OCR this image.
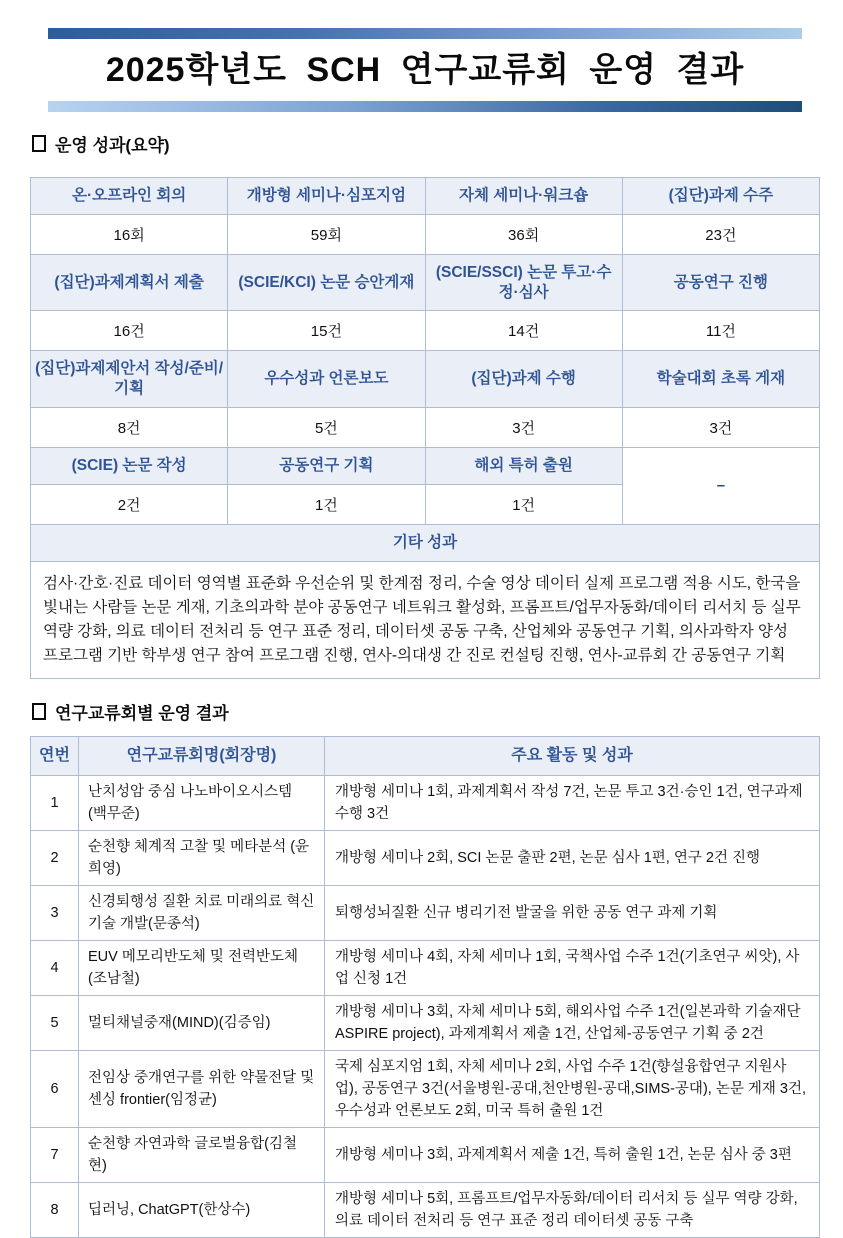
2025학년도 SCH 연구교류회 운영 결과
운영 성과(요약)
온·오프라인 회의	개방형 세미나·심포지엄	자체 세미나·워크숍	(집단)과제 수주
16회	59회	36회	23건
(집단)과제계획서 제출	(SCIE/KCI) 논문 승안게재	(SCIE/SSCI) 논문 투고·수정·심사	공동연구 진행
16건	15건	14건	11건
(집단)과제제안서 작성/준비/기획	우수성과 언론보도	(집단)과제 수행	학술대회 초록 게재
8건	5건	3건	3건
(SCIE) 논문 작성	공동연구 기획	해외 특허 출원	–
2건	1건	1건	
기타 성과			
검사·간호·진료 데이터 영역별 표준화 우선순위 및 한계점 정리, 수술 영상 데이터 실제 프로그램 적용 시도, 한국을 빛내는 사람들 논문 게재, 기초의과학 분야 공동연구 네트워크 활성화, 프롬프트/업무자동화/데이터 리서치 등 실무 역량 강화, 의료 데이터 전처리 등 연구 표준 정리, 데이터셋 공동 구축, 산업체와 공동연구 기획, 의사과학자 양성 프로그램 기반 학부생 연구 참여 프로그램 진행, 연사-의대생 간 진로 컨설팅 진행, 연사-교류회 간 공동연구 기획			
연구교류회별 운영 결과
연번	연구교류회명(회장명)	주요 활동 및 성과
1	난치성암 중심 나노바이오시스템 (백무준)	개방형 세미나 1회, 과제계획서 작성 7건, 논문 투고 3건·승인 1건, 연구과제 수행 3건
2	순천향 체계적 고찰 및 메타분석 (윤희영)	개방형 세미나 2회, SCI 논문 출판 2편, 논문 심사 1편, 연구 2건 진행
3	신경퇴행성 질환 치료 미래의료 혁신 기술 개발(문종석)	퇴행성뇌질환 신규 병리기전 발굴을 위한 공동 연구 과제 기획
4	EUV 메모리반도체 및 전력반도체 (조남철)	개방형 세미나 4회, 자체 세미나 1회, 국책사업 수주 1건(기초연구 씨앗), 사업 신청 1건
5	멀티채널중재(MIND)(김증임)	개방형 세미나 3회, 자체 세미나 5회, 해외사업 수주 1건(일본과학 기술재단 ASPIRE project), 과제계획서 제출 1건, 산업체-공동연구 기획 중 2건
6	전임상 중개연구를 위한 약물전달 및 센싱 frontier(임정균)	국제 심포지엄 1회, 자체 세미나 2회, 사업 수주 1건(향설융합연구 지원사업), 공동연구 3건(서울병원-공대,천안병원-공대,SIMS-공대), 논문 게재 3건, 우수성과 언론보도 2회, 미국 특허 출원 1건
7	순천향 자연과학 글로벌융합(김철현)	개방형 세미나 3회, 과제계획서 제출 1건, 특허 출원 1건, 논문 심사 중 3편
8	딥러닝, ChatGPT(한상수)	개방형 세미나 5회, 프롬프트/업무자동화/데이터 리서치 등 실무 역량 강화, 의료 데이터 전처리 등 연구 표준 정리 데이터셋 공동 구축
